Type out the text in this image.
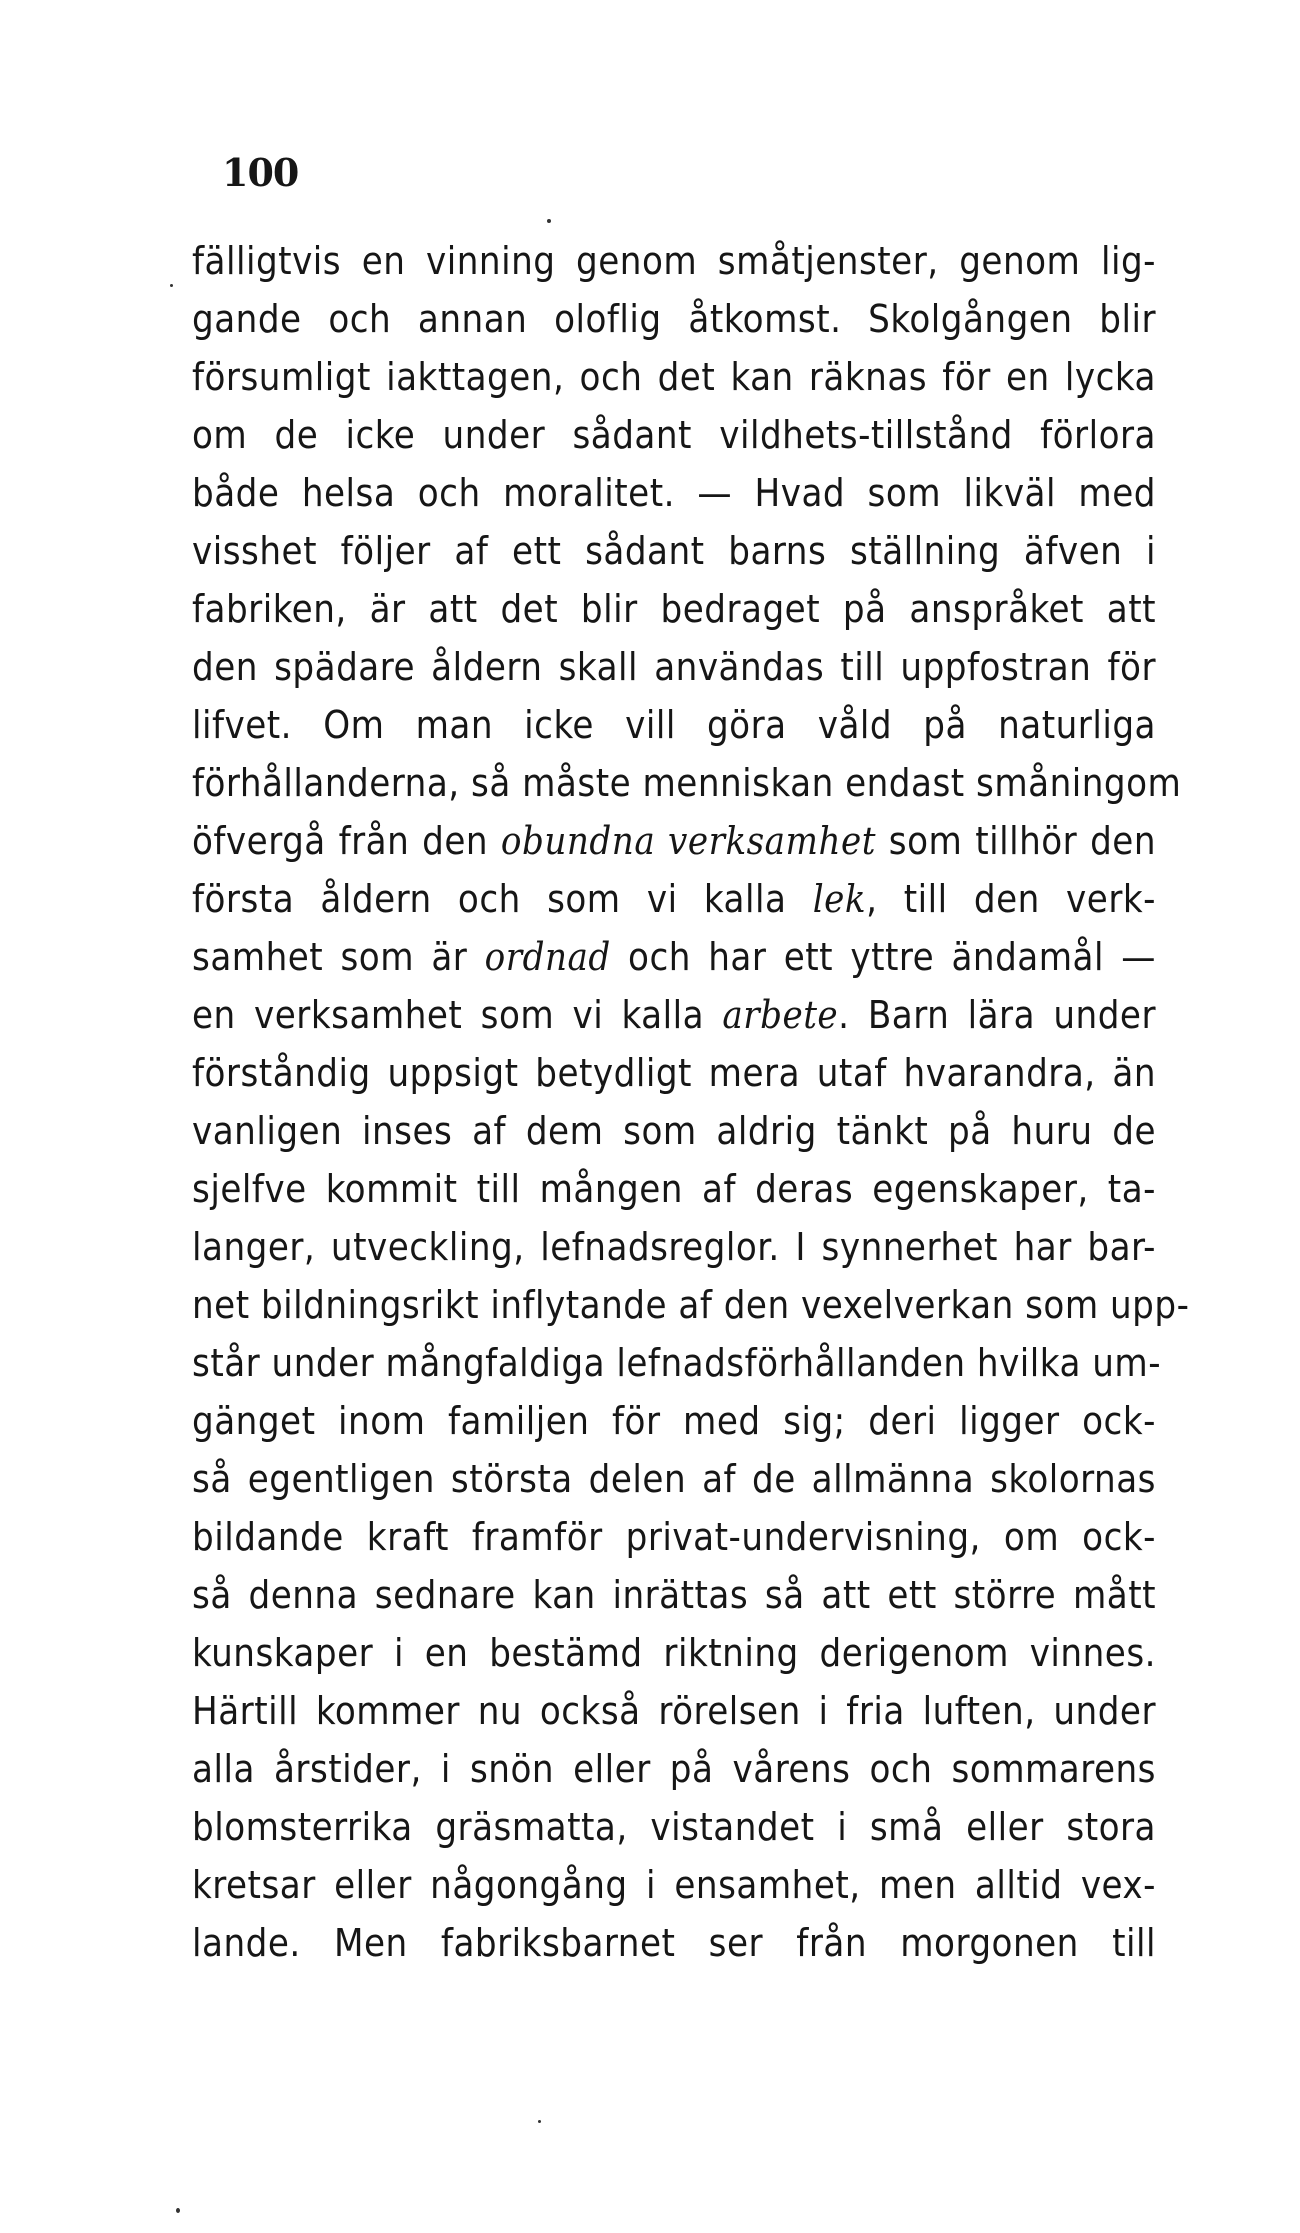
100
fälligtvis en vinning genom småtjenster, genom lig-
gande och annan oloflig åtkomst. Skolgången blir
försumligt iakttagen, och det kan räknas för en lycka
om de icke under sådant vildhets-tillstånd förlora
både helsa och moralitet. — Hvad som likväl med
visshet följer af ett sådant barns ställning äfven i
fabriken, är att det blir bedraget på anspråket att
den spädare åldern skall användas till uppfostran för
lifvet. Om man icke vill göra våld på naturliga
förhållanderna, så måste menniskan endast småningom
öfvergå från den obundna verksamhet som tillhör den
första åldern och som vi kalla lek, till den verk-
samhet som är ordnad och har ett yttre ändamål —
en verksamhet som vi kalla arbete. Barn lära under
förståndig uppsigt betydligt mera utaf hvarandra, än
vanligen inses af dem som aldrig tänkt på huru de
sjelfve kommit till mången af deras egenskaper, ta-
langer, utveckling, lefnadsreglor. I synnerhet har bar-
net bildningsrikt inflytande af den vexelverkan som upp-
står under mångfaldiga lefnadsförhållanden hvilka um-
gänget inom familjen för med sig; deri ligger ock-
så egentligen största delen af de allmänna skolornas
bildande kraft framför privat-undervisning, om ock-
så denna sednare kan inrättas så att ett större mått
kunskaper i en bestämd riktning derigenom vinnes.
Härtill kommer nu också rörelsen i fria luften, under
alla årstider, i snön eller på vårens och sommarens
blomsterrika gräsmatta, vistandet i små eller stora
kretsar eller någongång i ensamhet, men alltid vex-
lande. Men fabriksbarnet ser från morgonen till
